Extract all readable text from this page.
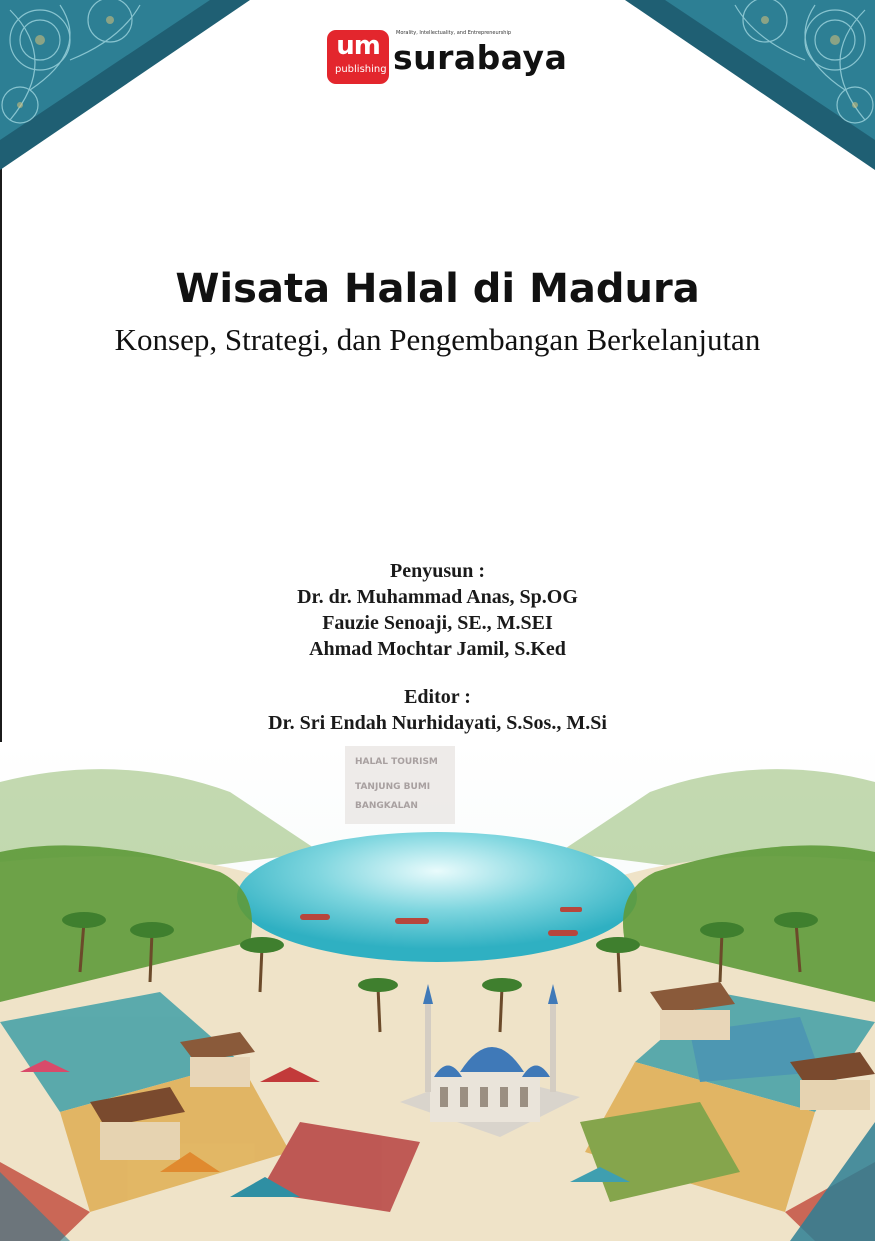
um
publishing
Morality, Intellectuality, and Entrepreneurship
surabaya
Wisata Halal di Madura
Konsep, Strategi, dan Pengembangan Berkelanjutan
Penyusun :
Dr. dr. Muhammad Anas, Sp.OG
Fauzie Senoaji, SE., M.SEI
Ahmad Mochtar Jamil, S.Ked
Editor :
Dr. Sri Endah Nurhidayati, S.Sos., M.Si
HALAL TOURISM
TANJUNG BUMI
BANGKALAN
